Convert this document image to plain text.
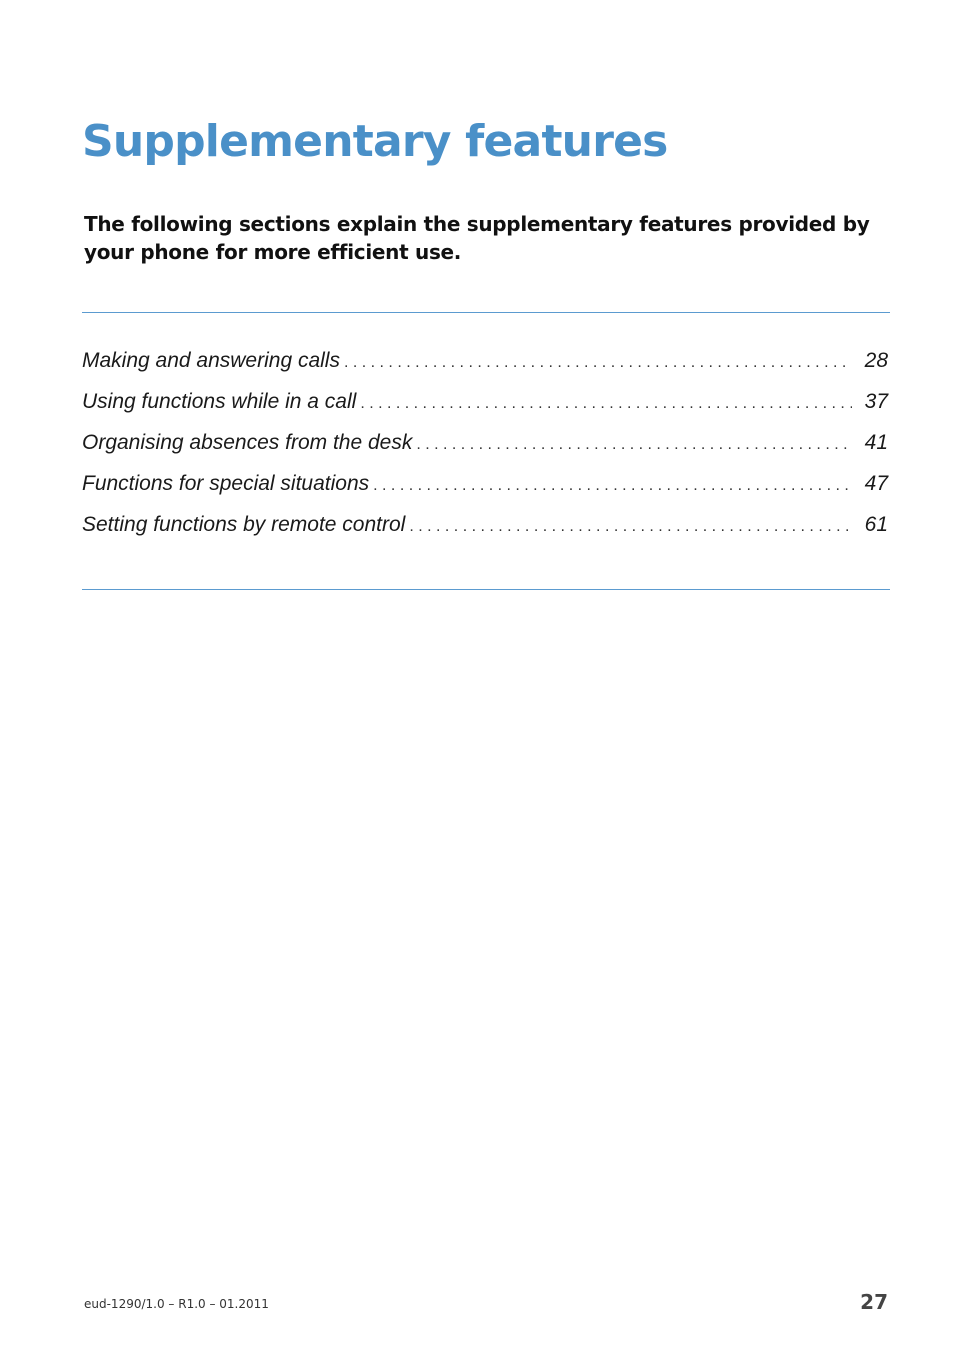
Supplementary features

The following sections explain the supplementary features provided by your phone for more efficient use.

Making and answering calls . . .	28
Using functions while in a call . . .	37
Organising absences from the desk . . .	41
Functions for special situations . . .	47
Setting functions by remote control . . .	61
eud-1290/1.0 – R1.0 – 01.2011	27
